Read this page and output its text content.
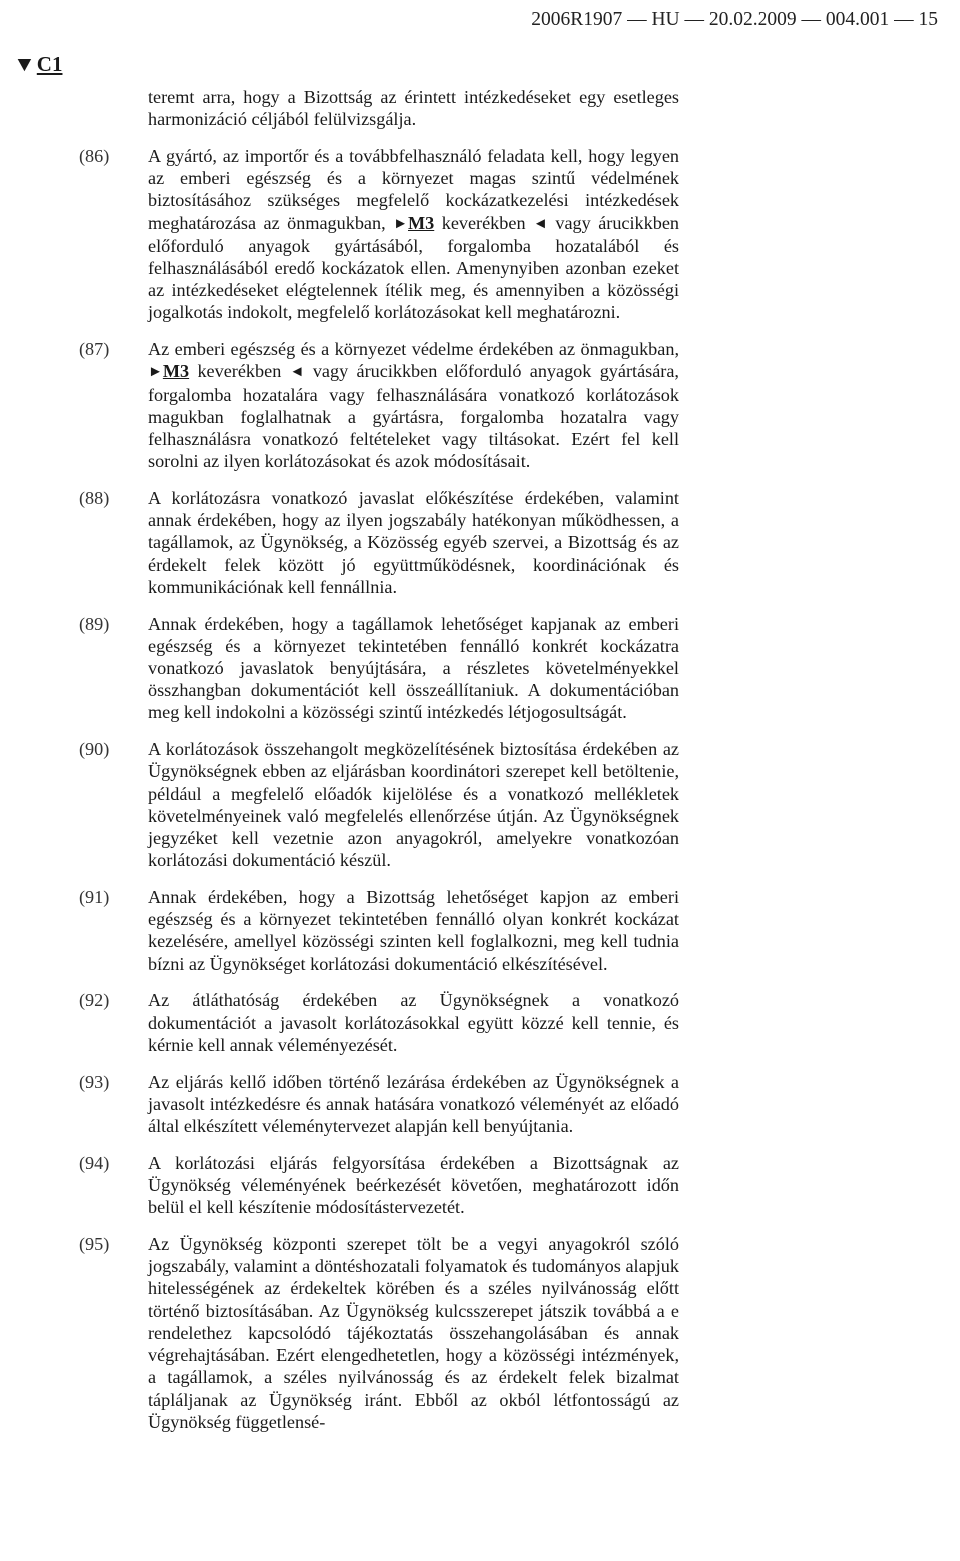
2006R1907 — HU — 20.02.2009 — 004.001 — 15
▼C1
teremt arra, hogy a Bizottság az érintett intézkedéseket egy esetleges harmonizáció céljából felülvizsgálja.
(86)	A gyártó, az importőr és a továbbfelhasználó feladata kell, hogy legyen az emberi egészség és a környezet magas szintű védelmének biztosításához szükséges megfelelő kockázatkezelési intézkedések meghatározása az önmagukban, ►M3 keverékben ◄ vagy árucikkben előforduló anyagok gyártásából, forgalomba hozatalából és felhasználásából eredő kockázatok ellen. Amenynyiben azonban ezeket az intézkedéseket elégtelennek ítélik meg, és amennyiben a közösségi jogalkotás indokolt, megfelelő korlátozásokat kell meghatározni.
(87)	Az emberi egészség és a környezet védelme érdekében az önmagukban, ►M3 keverékben ◄ vagy árucikkben előforduló anyagok gyártására, forgalomba hozatalára vagy felhasználására vonatkozó korlátozások magukban foglalhatnak a gyártásra, forgalomba hozatalra vagy felhasználásra vonatkozó feltételeket vagy tiltásokat. Ezért fel kell sorolni az ilyen korlátozásokat és azok módosításait.
(88)	A korlátozásra vonatkozó javaslat előkészítése érdekében, valamint annak érdekében, hogy az ilyen jogszabály hatékonyan működhessen, a tagállamok, az Ügynökség, a Közösség egyéb szervei, a Bizottság és az érdekelt felek között jó együttműködésnek, koordinációnak és kommunikációnak kell fennállnia.
(89)	Annak érdekében, hogy a tagállamok lehetőséget kapjanak az emberi egészség és a környezet tekintetében fennálló konkrét kockázatra vonatkozó javaslatok benyújtására, a részletes követelményekkel összhangban dokumentációt kell összeállítaniuk. A dokumentációban meg kell indokolni a közösségi szintű intézkedés létjogosultságát.
(90)	A korlátozások összehangolt megközelítésének biztosítása érdekében az Ügynökségnek ebben az eljárásban koordinátori szerepet kell betöltenie, például a megfelelő előadók kijelölése és a vonatkozó mellékletek követelményeinek való megfelelés ellenőrzése útján. Az Ügynökségnek jegyzéket kell vezetnie azon anyagokról, amelyekre vonatkozóan korlátozási dokumentáció készül.
(91)	Annak érdekében, hogy a Bizottság lehetőséget kapjon az emberi egészség és a környezet tekintetében fennálló olyan konkrét kockázat kezelésére, amellyel közösségi szinten kell foglalkozni, meg kell tudnia bízni az Ügynökséget korlátozási dokumentáció elkészítésével.
(92)	Az átláthatóság érdekében az Ügynökségnek a vonatkozó dokumentációt a javasolt korlátozásokkal együtt közzé kell tennie, és kérnie kell annak véleményezését.
(93)	Az eljárás kellő időben történő lezárása érdekében az Ügynökségnek a javasolt intézkedésre és annak hatására vonatkozó véleményét az előadó által elkészített véleménytervezet alapján kell benyújtania.
(94)	A korlátozási eljárás felgyorsítása érdekében a Bizottságnak az Ügynökség véleményének beérkezését követően, meghatározott időn belül el kell készítenie módosítástervezetét.
(95)	Az Ügynökség központi szerepet tölt be a vegyi anyagokról szóló jogszabály, valamint a döntéshozatali folyamatok és tudományos alapjuk hitelességének az érdekeltek körében és a széles nyilvánosság előtt történő biztosításában. Az Ügynökség kulcsszerepet játszik továbbá a e rendelethez kapcsolódó tájékoztatás összehangolásában és annak végrehajtásában. Ezért elengedhetetlen, hogy a közösségi intézmények, a tagállamok, a széles nyilvánosság és az érdekelt felek bizalmat tápláljanak az Ügynökség iránt. Ebből az okból létfontosságú az Ügynökség függetlensé-
